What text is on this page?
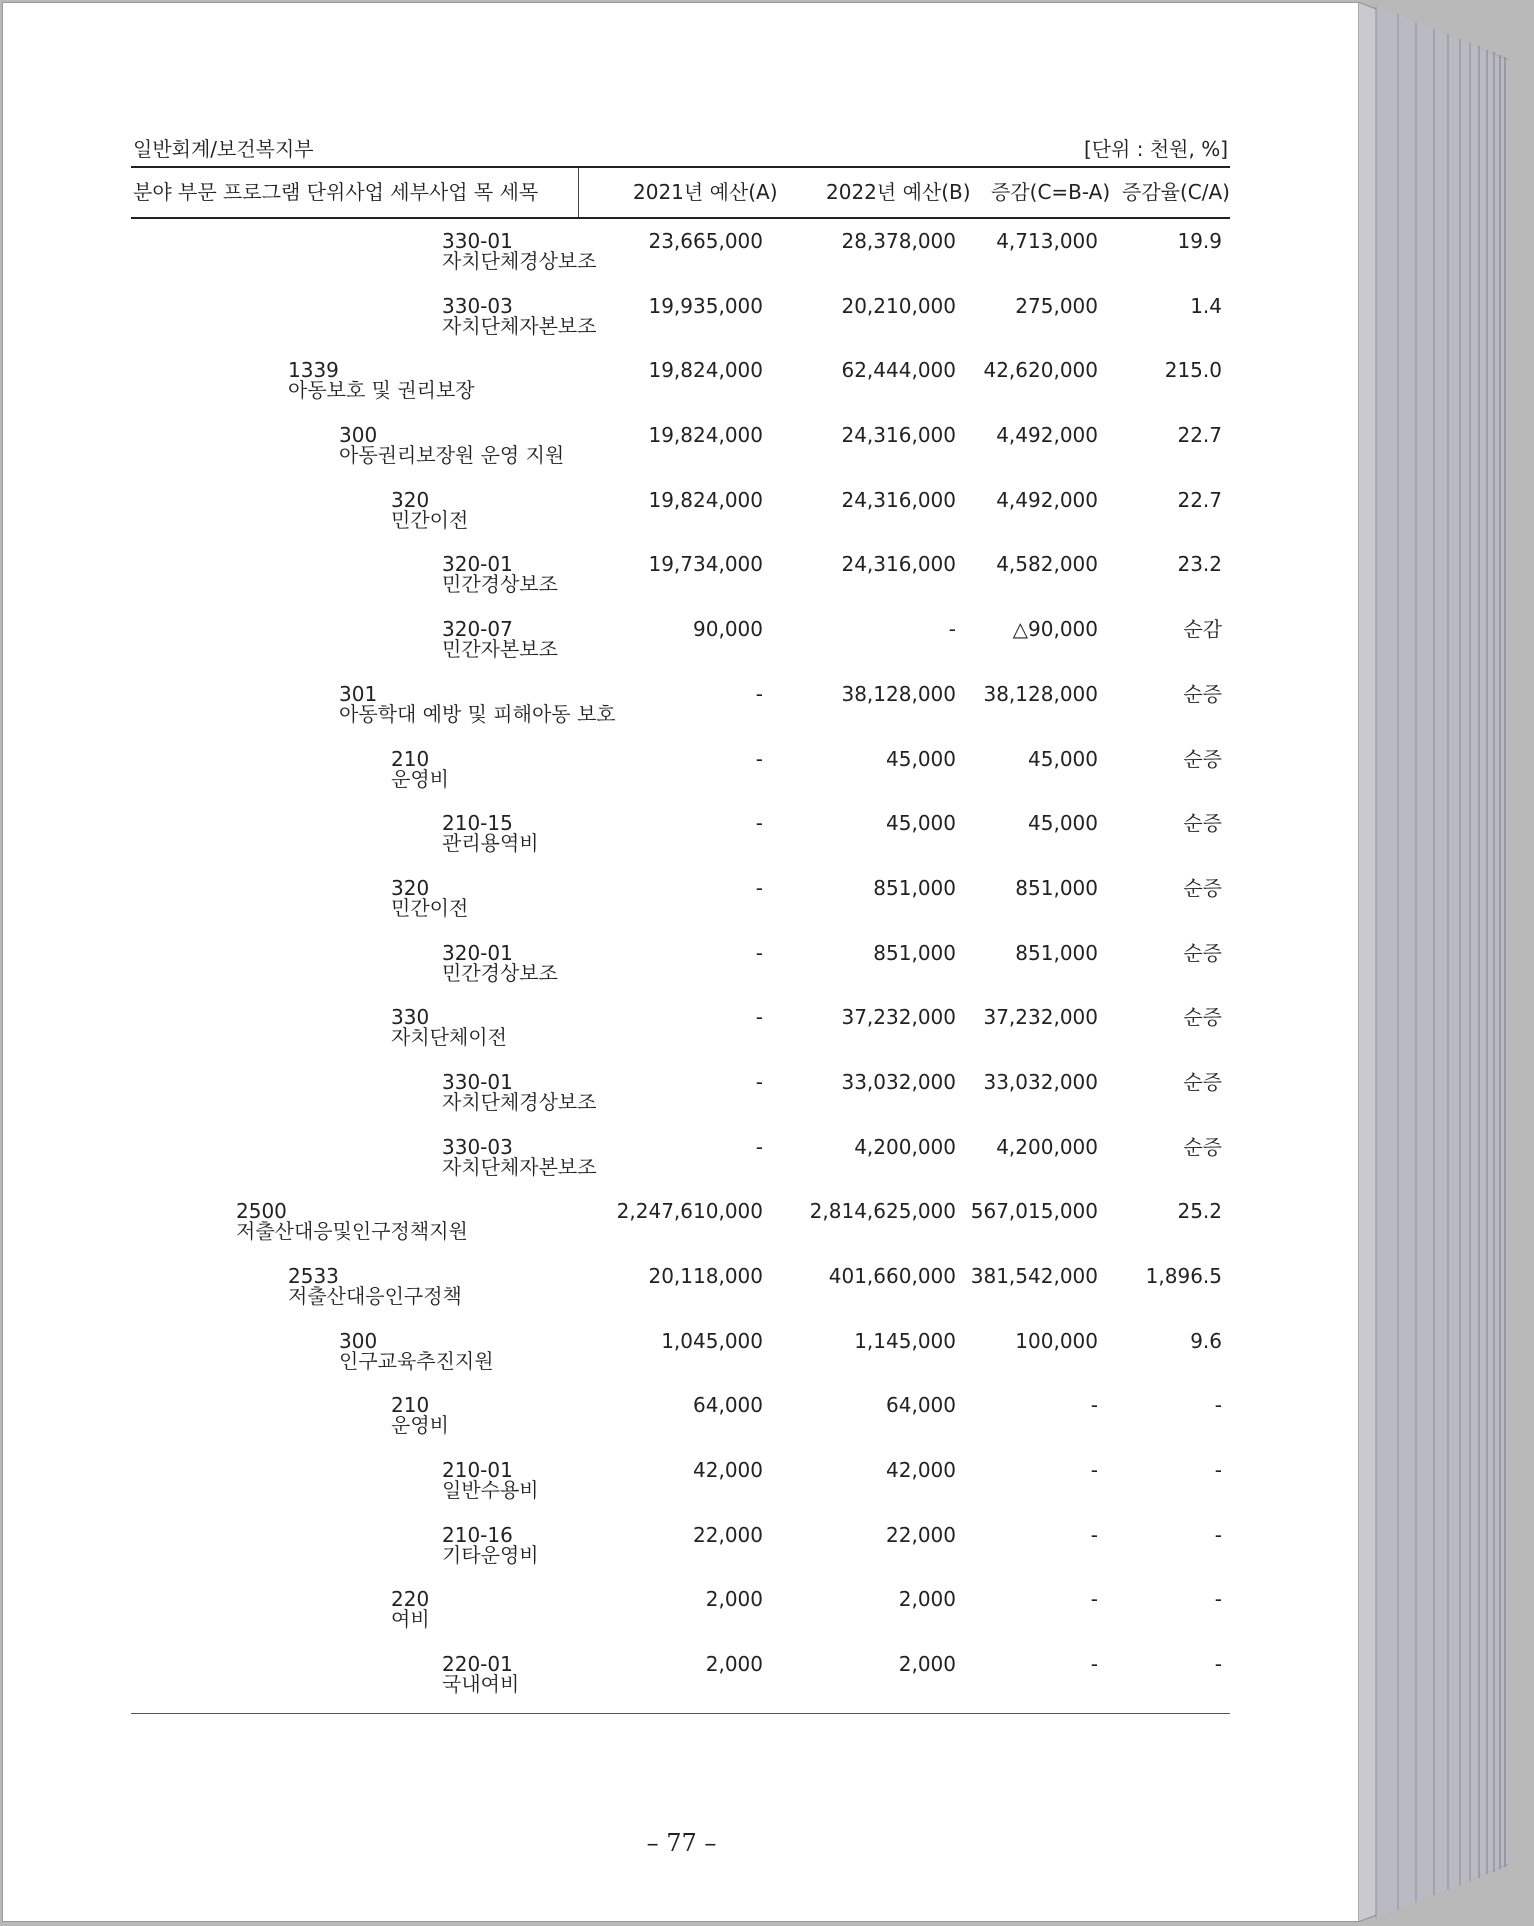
일반회계/보건복지부	[단위 : 천원, %]
분야 부문 프로그램 단위사업 세부사업 목 세목	2021년 예산(A) 2022년 예산(B) 증감(C=B-A) 증감율(C/A)
330-01
자치단체경상보조
23,665,000	28,378,000 4,713,000	19.9
330-03
자치단체자본보조
19,935,000	20,210,000	275,000	1.4
1339
아동보호 및 권리보장
19,824,000	62,444,000 42,620,000	215.0
300
아동권리보장원 운영 지원
19,824,000	24,316,000 4,492,000	22.7
320
민간이전
19,824,000	24,316,000 4,492,000	22.7
320-01
민간경상보조
19,734,000	24,316,000 4,582,000	23.2
320-07
민간자본보조
90,000	-	△90,000	순감
301
아동학대 예방 및 피해아동 보호
-	38,128,000 38,128,000	순증
210
운영비
-	45,000	45,000	순증
210-15
관리용역비
-	45,000	45,000	순증
320
민간이전
-	851,000	851,000	순증
320-01
민간경상보조
-	851,000	851,000	순증
330
자치단체이전
-	37,232,000 37,232,000	순증
330-01
자치단체경상보조
-	33,032,000 33,032,000	순증
330-03
자치단체자본보조
-	4,200,000 4,200,000	순증
2500
저출산대응및인구정책지원
2,247,610,000 2,814,625,000 567,015,000	25.2
2533
저출산대응인구정책
20,118,000	401,660,000 381,542,000 1,896.5
300
인구교육추진지원
1,045,000	1,145,000	100,000	9.6
210
운영비
64,000	64,000	-	-
210-01
일반수용비
42,000	42,000	-	-
210-16
기타운영비
22,000	22,000	-	-
220
여비
2,000	2,000	-	-
220-01
국내여비
2,000	2,000	-	-
– 77 –
